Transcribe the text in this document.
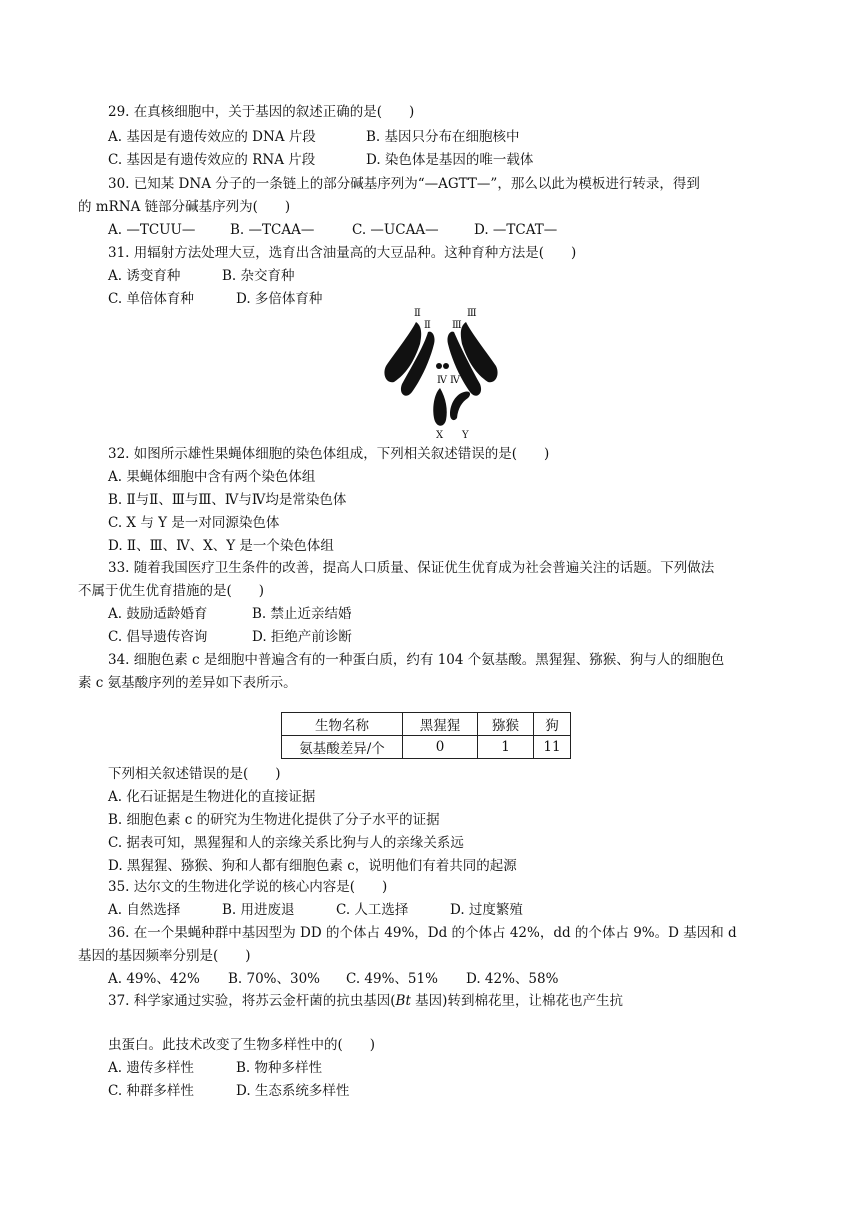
29. 在真核细胞中，关于基因的叙述正确的是(　　)
A. 基因是有遗传效应的 DNA 片段	B. 基因只分布在细胞核中
C. 基因是有遗传效应的 RNA 片段	D. 染色体是基因的唯一载体
30. 已知某 DNA 分子的一条链上的部分碱基序列为“—AGTT—”，那么以此为模板进行转录，得到
的 mRNA 链部分碱基序列为(　　)
A. —TCUU—	B. —TCAA—	C. —UCAA—	D. —TCAT—
31. 用辐射方法处理大豆，选育出含油量高的大豆品种。这种育种方法是(　　)
A. 诱变育种	B. 杂交育种
C. 单倍体育种	D. 多倍体育种
Ⅱ
Ⅱ
Ⅲ
Ⅲ
Ⅳ Ⅳ
X Y
32. 如图所示雄性果蝇体细胞的染色体组成，下列相关叙述错误的是(　　)
A. 果蝇体细胞中含有两个染色体组
B. Ⅱ与Ⅱ、Ⅲ与Ⅲ、Ⅳ与Ⅳ均是常染色体
C. X 与 Y 是一对同源染色体
D. Ⅱ、Ⅲ、Ⅳ、X、Y 是一个染色体组
33. 随着我国医疗卫生条件的改善，提高人口质量、保证优生优育成为社会普遍关注的话题。下列做法
不属于优生优育措施的是(　　)
A. 鼓励适龄婚育	B. 禁止近亲结婚
C. 倡导遗传咨询	D. 拒绝产前诊断
34. 细胞色素 c 是细胞中普遍含有的一种蛋白质，约有 104 个氨基酸。黑猩猩、猕猴、狗与人的细胞色
素 c 氨基酸序列的差异如下表所示。
生物名称	黑猩猩	猕猴	狗
氨基酸差异/个	0	1	11
下列相关叙述错误的是(　　)
A. 化石证据是生物进化的直接证据
B. 细胞色素 c 的研究为生物进化提供了分子水平的证据
C. 据表可知，黑猩猩和人的亲缘关系比狗与人的亲缘关系远
D. 黑猩猩、猕猴、狗和人都有细胞色素 c，说明他们有着共同的起源
35. 达尔文的生物进化学说的核心内容是(　　)
A. 自然选择	B. 用进废退	C. 人工选择	D. 过度繁殖
36. 在一个果蝇种群中基因型为 DD 的个体占 49%，Dd 的个体占 42%，dd 的个体占 9%。D 基因和 d
基因的基因频率分别是(　　)
A. 49%、42% B. 70%、30% C. 49%、51% D. 42%、58%
37. 科学家通过实验，将苏云金杆菌的抗虫基因(Bt 基因)转到棉花里，让棉花也产生抗
虫蛋白。此技术改变了生物多样性中的(　　)
A. 遗传多样性	B. 物种多样性
C. 种群多样性	D. 生态系统多样性
